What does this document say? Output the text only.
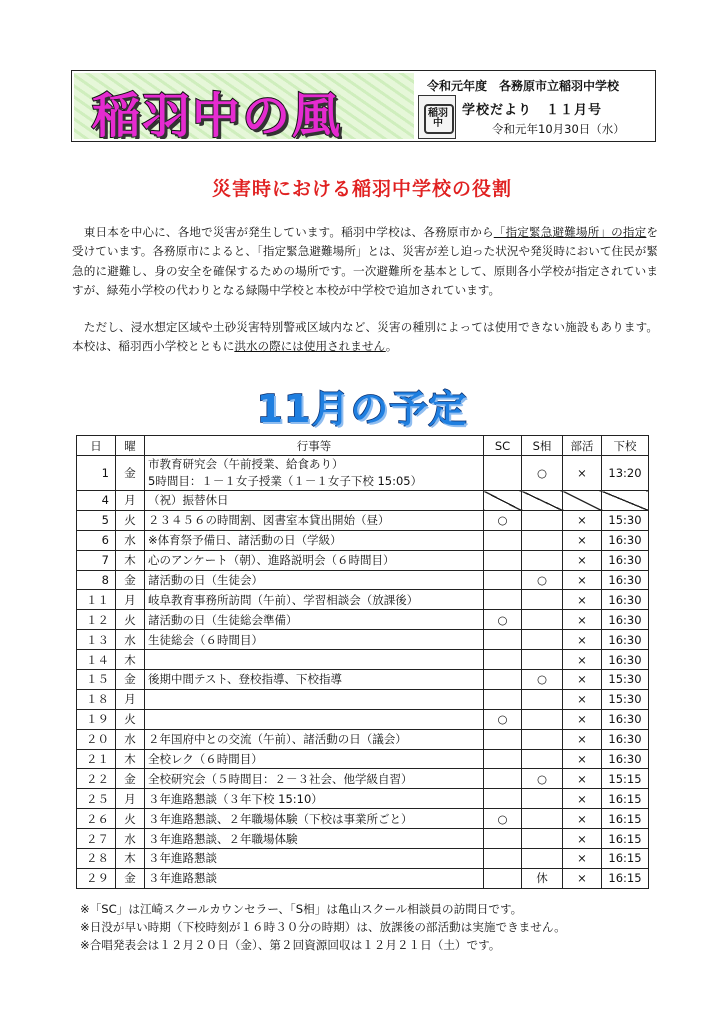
稲羽中の風	稲羽中
令和元年度　各務原市立稲羽中学校
学校だより　１１月号
令和元年10月30日（水）
災害時における稲羽中学校の役割
　東日本を中心に、各地で災害が発生しています。稲羽中学校は、各務原市から「指定緊急避難場所」の指定を受けています。各務原市によると、「指定緊急避難場所」とは、災害が差し迫った状況や発災時において住民が緊急的に避難し、身の安全を確保するための場所です。一次避難所を基本として、原則各小学校が指定されていますが、緑苑小学校の代わりとなる緑陽中学校と本校が中学校で追加されています。
　ただし、浸水想定区域や土砂災害特別警戒区域内など、災害の種別によっては使用できない施設もあります。本校は、稲羽西小学校とともに洪水の際には使用されません。
11月の予定
日	曜	行事等	SC	S相	部活	下校
1	金	市教育研究会（午前授業、給食あり）
5時間目：１－１女子授業（１－１女子下校 15:05）		○	×	13:20
4	月	（祝）振替休日				
5	火	２３４５６の時間割、図書室本貸出開始（昼）	○		×	15:30
6	水	※体育祭予備日、諸活動の日（学級）			×	16:30
7	木	心のアンケート（朝）、進路説明会（６時間目）			×	16:30
8	金	諸活動の日（生徒会）		○	×	16:30
１１	月	岐阜教育事務所訪問（午前）、学習相談会（放課後）			×	16:30
１２	火	諸活動の日（生徒総会準備）	○		×	16:30
１３	水	生徒総会（６時間目）			×	16:30
１４	木				×	16:30
１５	金	後期中間テスト、登校指導、下校指導		○	×	15:30
１８	月				×	15:30
１９	火		○		×	16:30
２０	水	２年国府中との交流（午前）、諸活動の日（議会）			×	16:30
２１	木	全校レク（６時間目）			×	16:30
２２	金	全校研究会（５時間目：２－３社会、他学級自習）		○	×	15:15
２５	月	３年進路懇談（３年下校 15:10）			×	16:15
２６	火	３年進路懇談、２年職場体験（下校は事業所ごと）	○		×	16:15
２７	水	３年進路懇談、２年職場体験			×	16:15
２８	木	３年進路懇談			×	16:15
２９	金	３年進路懇談		休	×	16:15
※「SC」は江崎スクールカウンセラー、「S相」は亀山スクール相談員の訪問日です。
※日没が早い時期（下校時刻が１６時３０分の時期）は、放課後の部活動は実施できません。
※合唱発表会は１２月２０日（金）、第２回資源回収は１２月２１日（土）です。
